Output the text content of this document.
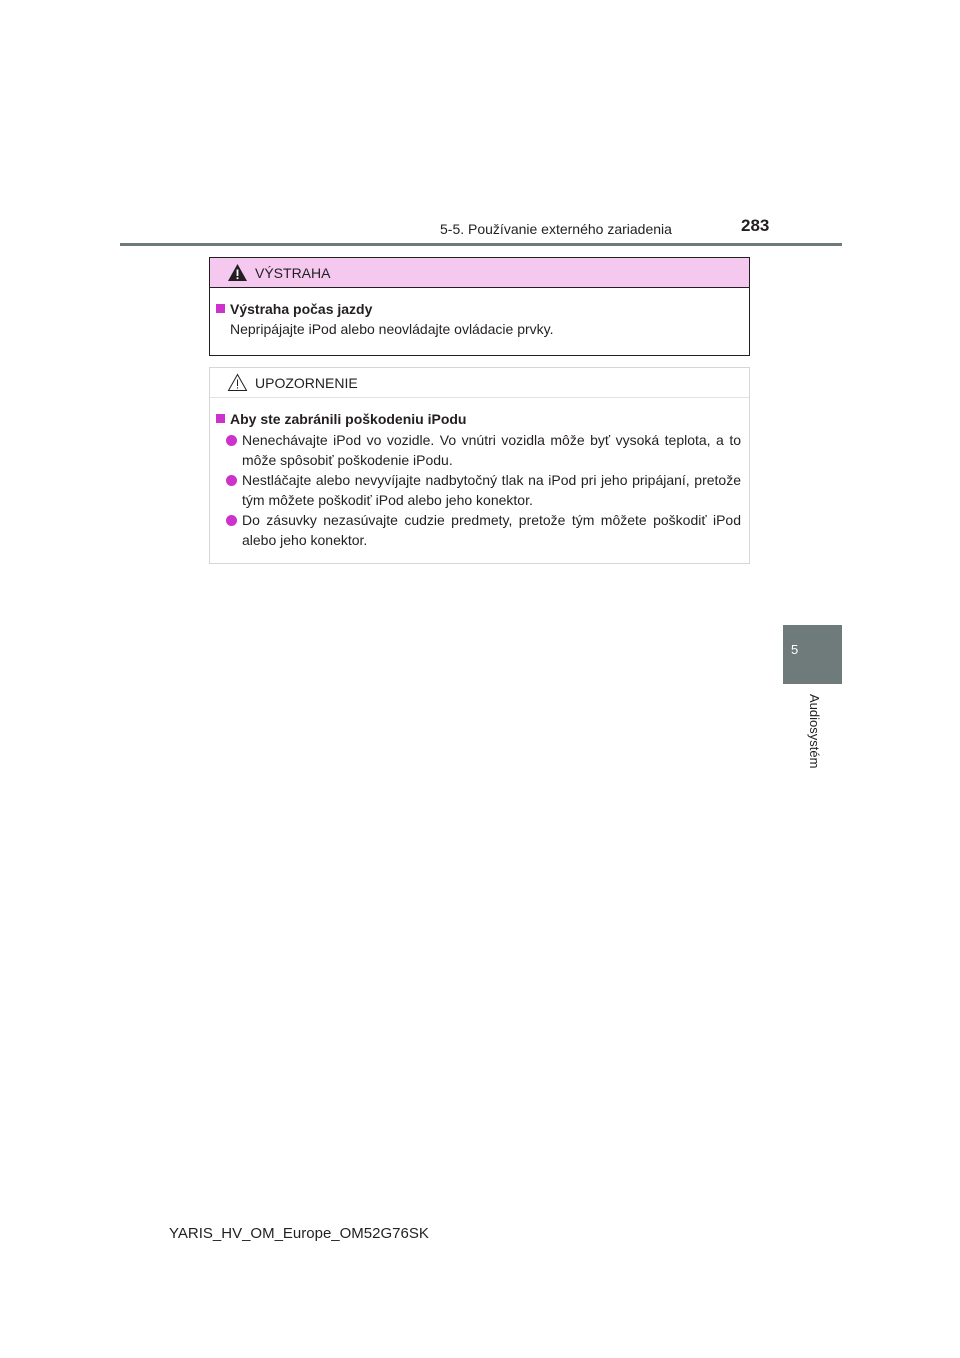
5-5. Používanie externého zariadenia	283
5
Audiosystém
VÝSTRAHA
Výstraha počas jazdy
Nepripájajte iPod alebo neovládajte ovládacie prvky.
UPOZORNENIE
Aby ste zabránili poškodeniu iPodu
Nenechávajte iPod vo vozidle. Vo vnútri vozidla môže byť vysoká teplota, a to môže spôsobiť poškodenie iPodu.
Nestláčajte alebo nevyvíjajte nadbytočný tlak na iPod pri jeho pripájaní, pretože tým môžete poškodiť iPod alebo jeho konektor.
Do zásuvky nezasúvajte cudzie predmety, pretože tým môžete poškodiť iPod alebo jeho konektor.
YARIS_HV_OM_Europe_OM52G76SK
